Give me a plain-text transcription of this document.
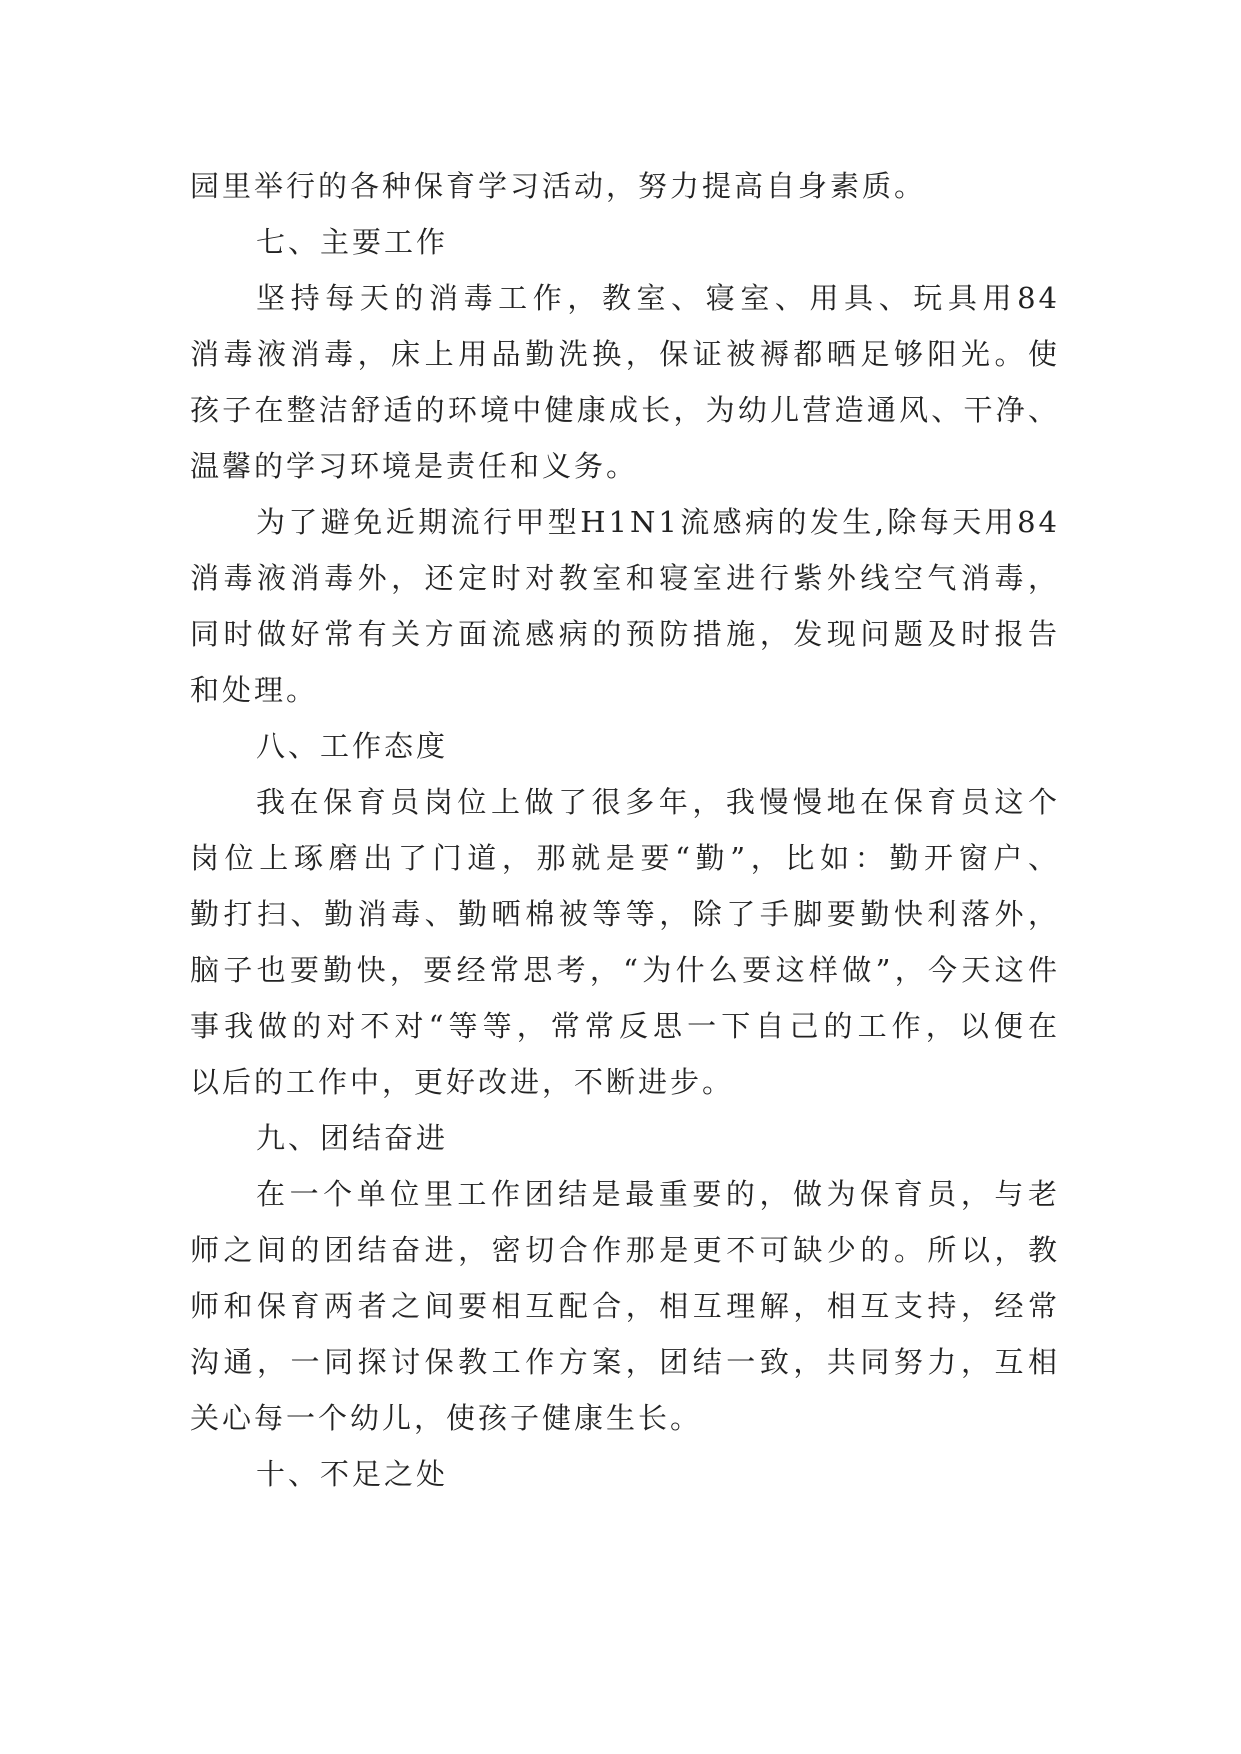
园里举行的各种保育学习活动，努力提高自身素质。
七、主要工作
坚持每天的消毒工作，教室、寝室、用具、玩具用84
消毒液消毒，床上用品勤洗换，保证被褥都晒足够阳光。使
孩子在整洁舒适的环境中健康成长，为幼儿营造通风、干净、
温馨的学习环境是责任和义务。
为了避免近期流行甲型H1N1流感病的发生,除每天用84
消毒液消毒外，还定时对教室和寝室进行紫外线空气消毒，
同时做好常有关方面流感病的预防措施，发现问题及时报告
和处理。
八、工作态度
我在保育员岗位上做了很多年，我慢慢地在保育员这个
岗位上琢磨出了门道，那就是要“勤”，比如：勤开窗户、
勤打扫、勤消毒、勤晒棉被等等，除了手脚要勤快利落外，
脑子也要勤快，要经常思考，“为什么要这样做”，今天这件
事我做的对不对“等等，常常反思一下自己的工作，以便在
以后的工作中，更好改进，不断进步。
九、团结奋进
在一个单位里工作团结是最重要的，做为保育员，与老
师之间的团结奋进，密切合作那是更不可缺少的。所以，教
师和保育两者之间要相互配合，相互理解，相互支持，经常
沟通，一同探讨保教工作方案，团结一致，共同努力，互相
关心每一个幼儿，使孩子健康生长。
十、不足之处
